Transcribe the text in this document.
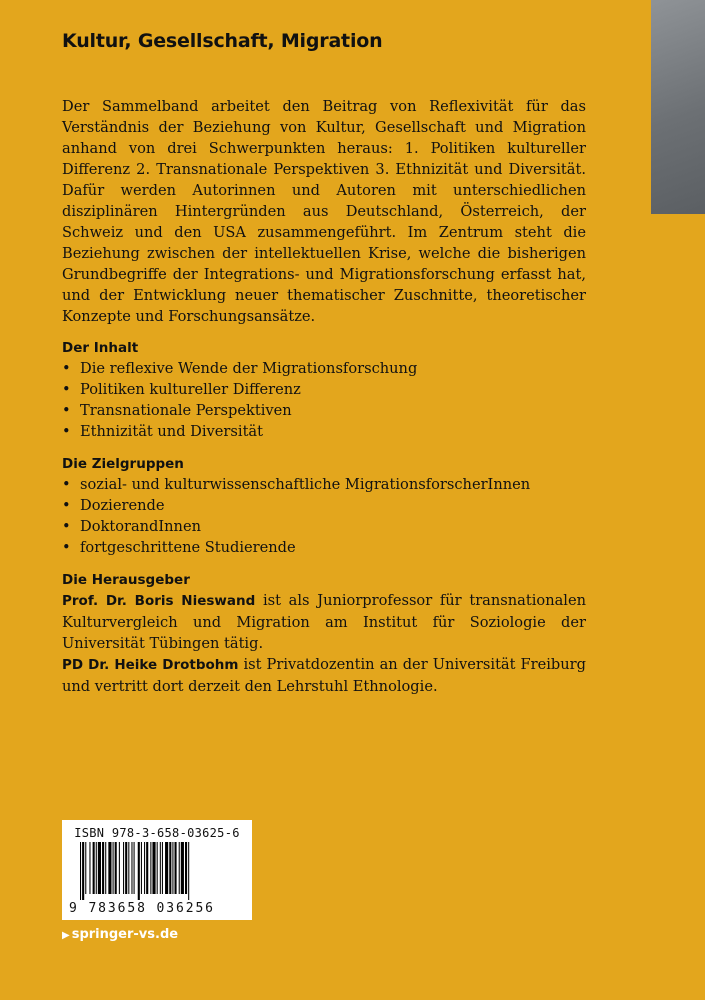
Kultur, Gesellschaft, Migration

Der Sammelband arbeitet den Beitrag von Reflexivität für das Verständnis der Beziehung von Kultur, Gesellschaft und Migration anhand von drei Schwerpunkten heraus: 1. Politiken kultureller Differenz 2. Transnationale Perspektiven 3. Ethnizität und Diversität. Dafür werden Autorinnen und Autoren mit unterschiedlichen disziplinären Hintergründen aus Deutschland, Österreich, der Schweiz und den USA zusammengeführt. Im Zentrum steht die Beziehung zwischen der intellektuellen Krise, welche die bisherigen Grundbegriffe der Integrations- und Migrationsforschung erfasst hat, und der Entwicklung neuer thematischer Zuschnitte, theoretischer Konzepte und Forschungsansätze.

Der Inhalt

• Die reflexive Wende der Migrationsforschung
• Politiken kultureller Differenz
• Transnationale Perspektiven
• Ethnizität und Diversität

Die Zielgruppen

• sozial- und kulturwissenschaftliche MigrationsforscherInnen
• Dozierende
• DoktorandInnen
• fortgeschrittene Studierende

Die Herausgeber

Prof. Dr. Boris Nieswand ist als Juniorprofessor für transnationalen Kulturvergleich und Migration am Institut für Soziologie der Universität Tübingen tätig.

PD Dr. Heike Drotbohm ist Privatdozentin an der Universität Freiburg und vertritt dort derzeit den Lehrstuhl Ethnologie.

ISBN 978-3-658-03625-6
9 783658 036256
▶ springer-vs.de
